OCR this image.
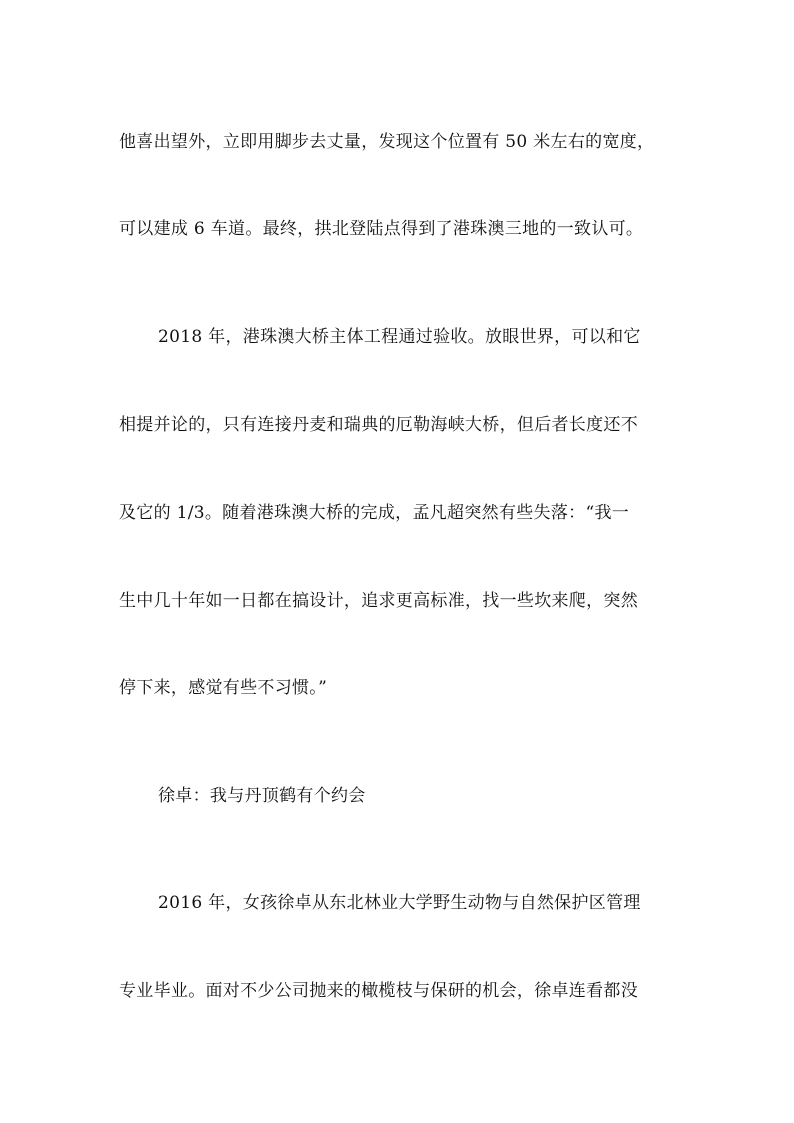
他喜出望外，立即用脚步去丈量，发现这个位置有 50 米左右的宽度，
可以建成 6 车道。最终，拱北登陆点得到了港珠澳三地的一致认可。
2018 年，港珠澳大桥主体工程通过验收。放眼世界，可以和它
相提并论的，只有连接丹麦和瑞典的厄勒海峡大桥，但后者长度还不
及它的 1/3。随着港珠澳大桥的完成，孟凡超突然有些失落：“我一
生中几十年如一日都在搞设计，追求更高标准，找一些坎来爬，突然
停下来，感觉有些不习惯。”
徐卓：我与丹顶鹤有个约会
2016 年，女孩徐卓从东北林业大学野生动物与自然保护区管理
专业毕业。面对不少公司抛来的橄榄枝与保研的机会，徐卓连看都没
